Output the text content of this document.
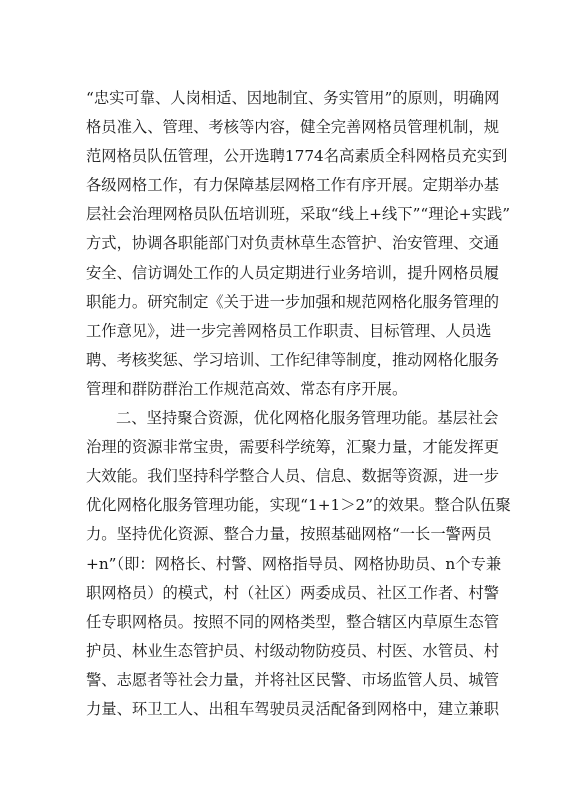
“忠实可靠、人岗相适、因地制宜、务实管用”的原则，明确网
格员准入、管理、考核等内容，健全完善网格员管理机制，规
范网格员队伍管理，公开选聘1774名高素质全科网格员充实到
各级网格工作，有力保障基层网格工作有序开展。定期举办基
层社会治理网格员队伍培训班，采取“线上+线下”“理论+实践”
方式，协调各职能部门对负责林草生态管护、治安管理、交通
安全、信访调处工作的人员定期进行业务培训，提升网格员履
职能力。研究制定《关于进一步加强和规范网格化服务管理的
工作意见》，进一步完善网格员工作职责、目标管理、人员选
聘、考核奖惩、学习培训、工作纪律等制度，推动网格化服务
管理和群防群治工作规范高效、常态有序开展。
二、坚持聚合资源，优化网格化服务管理功能。基层社会
治理的资源非常宝贵，需要科学统筹，汇聚力量，才能发挥更
大效能。我们坚持科学整合人员、信息、数据等资源，进一步
优化网格化服务管理功能，实现“1+1＞2”的效果。整合队伍聚
力。坚持优化资源、整合力量，按照基础网格“一长一警两员
+n”（即：网格长、村警、网格指导员、网格协助员、n个专兼
职网格员）的模式，村（社区）两委成员、社区工作者、村警
任专职网格员。按照不同的网格类型，整合辖区内草原生态管
护员、林业生态管护员、村级动物防疫员、村医、水管员、村
警、志愿者等社会力量，并将社区民警、市场监管人员、城管
力量、环卫工人、出租车驾驶员灵活配备到网格中，建立兼职
